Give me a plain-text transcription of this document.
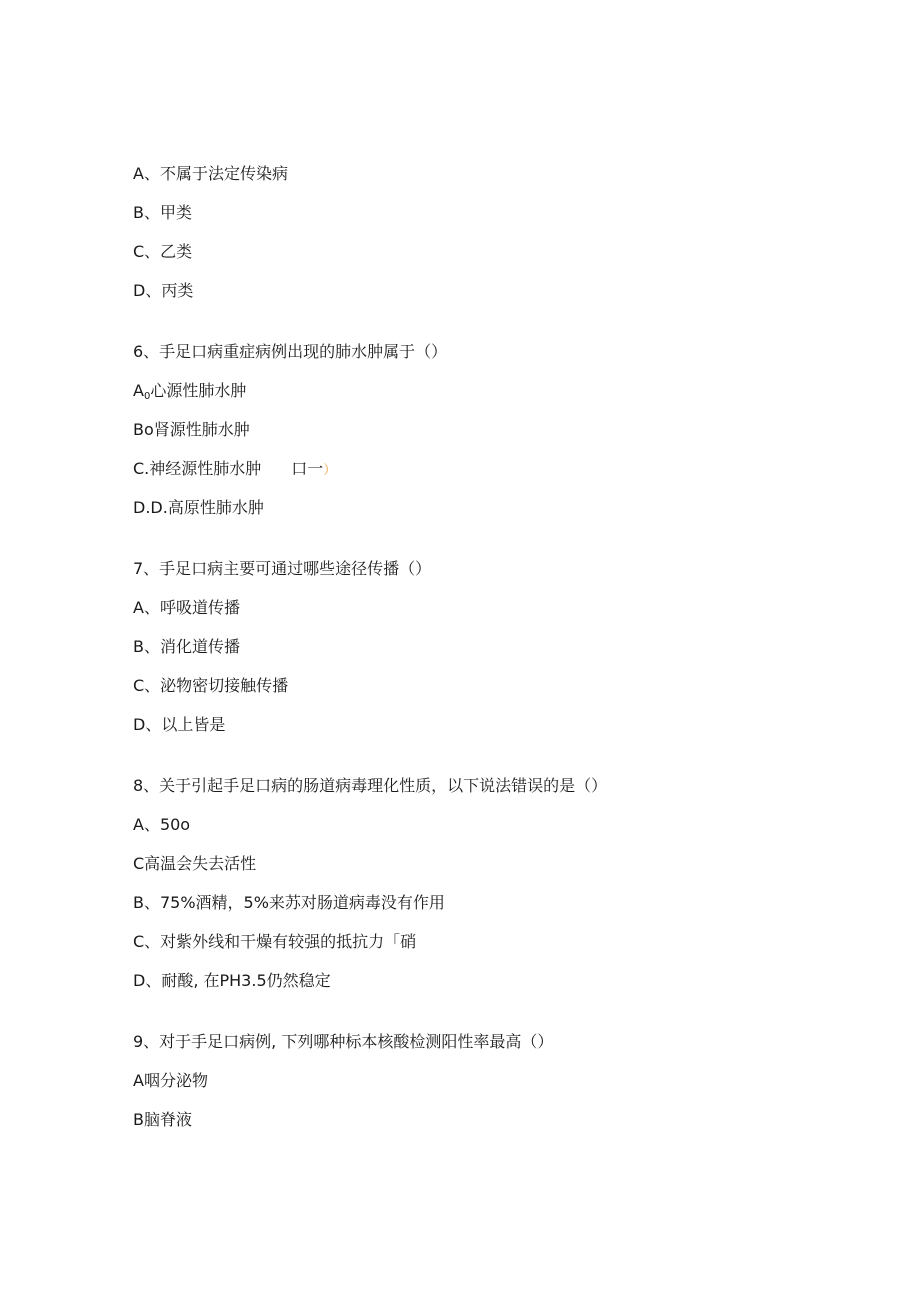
A、不属于法定传染病
B、甲类
C、乙类
D、丙类
6、手足口病重症病例出现的肺水肿属于（）
$A_0$心源性肺水肿
Bo肾源性肺水肿
C.神经源性肺水肿 口一）
D.D.高原性肺水肿
7、手足口病主要可通过哪些途径传播（）
A、呼吸道传播
B、消化道传播
C、泌物密切接触传播
D、以上皆是
8、关于引起手足口病的肠道病毒理化性质，以下说法错误的是（）
A、50o
C高温会失去活性
B、75%酒精，5%来苏对肠道病毒没有作用
C、对紫外线和干燥有较强的抵抗力「硝
D、耐酸, 在PH3.5仍然稳定
9、对于手足口病例, 下列哪种标本核酸检测阳性率最高（）
A咽分泌物
B脑脊液
